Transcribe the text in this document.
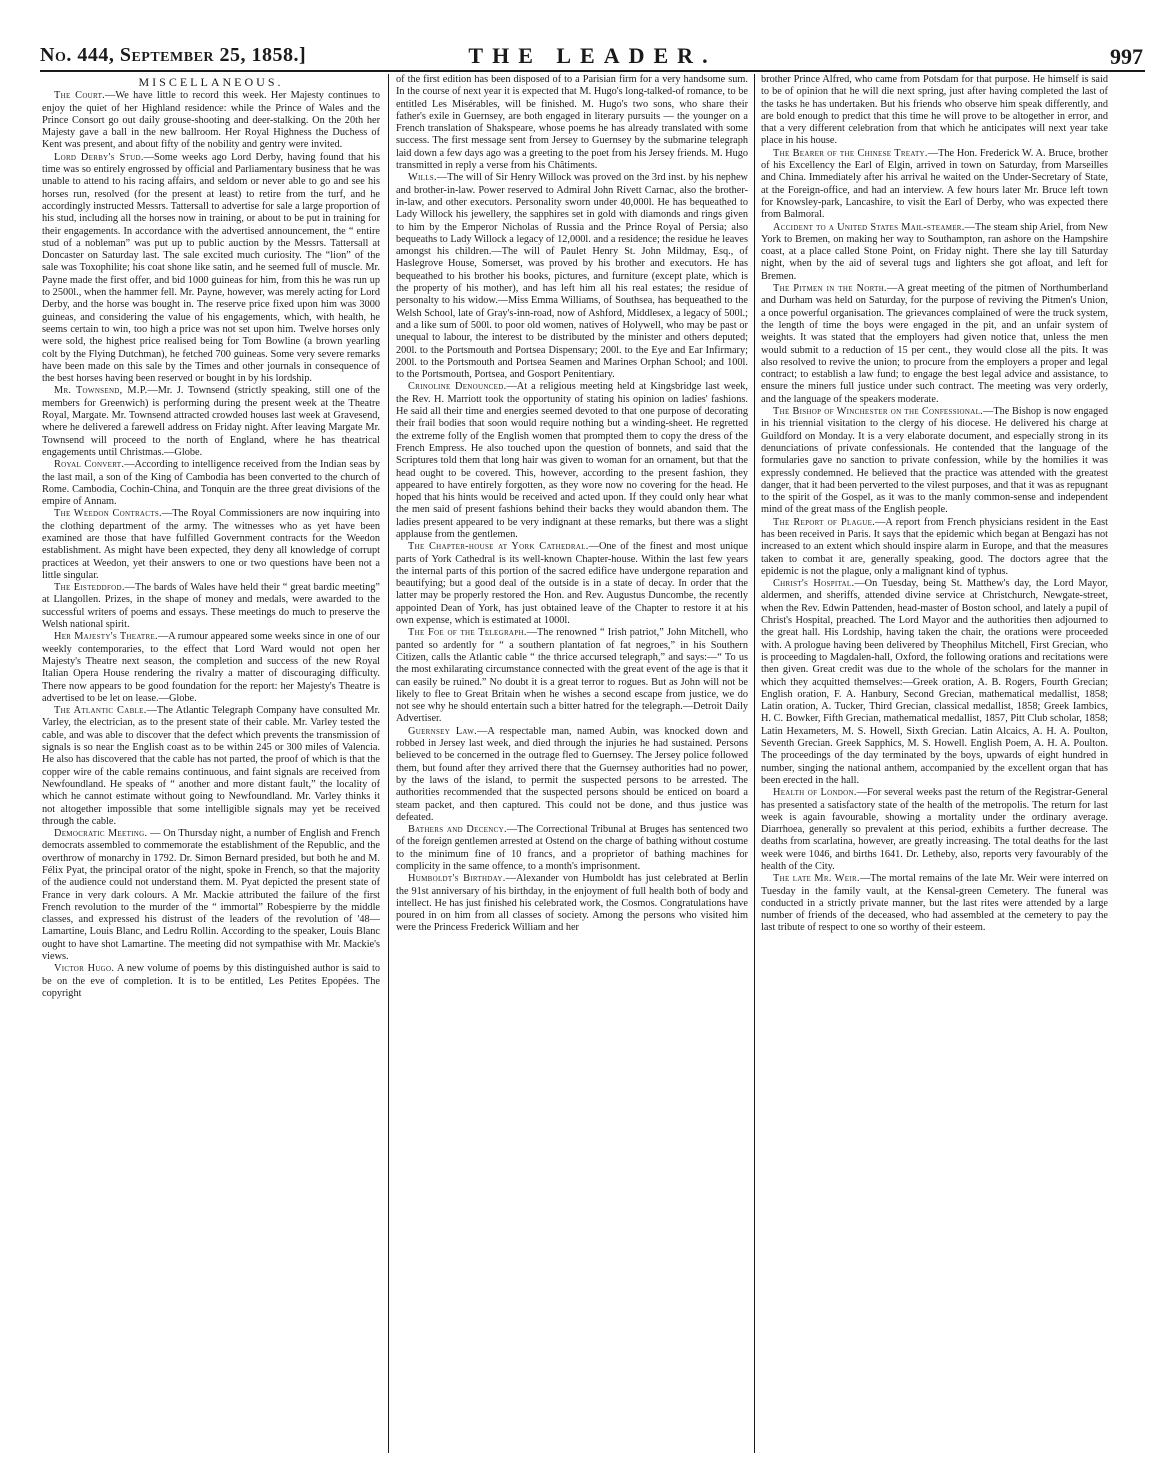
No. 444, September 25, 1858.]	THE LEADER.	997
MISCELLANEOUS.

The Court.—We have little to record this week. Her Majesty continues to enjoy the quiet of her Highland residence: while the Prince of Wales and the Prince Consort go out daily grouse-shooting and deer-stalking. On the 20th her Majesty gave a ball in the new ballroom. Her Royal Highness the Duchess of Kent was present, and about fifty of the nobility and gentry were invited.

Lord Derby's Stud.—Some weeks ago Lord Derby, having found that his time was so entirely engrossed by official and Parliamentary business that he was unable to attend to his racing affairs, and seldom or never able to go and see his horses run, resolved (for the present at least) to retire from the turf, and he accordingly instructed Messrs. Tattersall to advertise for sale a large proportion of his stud, including all the horses now in training, or about to be put in training for their engagements. In accordance with the advertised announcement, the “ entire stud of a nobleman” was put up to public auction by the Messrs. Tattersall at Doncaster on Saturday last. The sale excited much curiosity. The “lion” of the sale was Toxophilite; his coat shone like satin, and he seemed full of muscle. Mr. Payne made the first offer, and bid 1000 guineas for him, from this he was run up to 2500l., when the hammer fell. Mr. Payne, however, was merely acting for Lord Derby, and the horse was bought in. The reserve price fixed upon him was 3000 guineas, and considering the value of his engagements, which, with health, he seems certain to win, too high a price was not set upon him. Twelve horses only were sold, the highest price realised being for Tom Bowline (a brown yearling colt by the Flying Dutchman), he fetched 700 guineas. Some very severe remarks have been made on this sale by the Times and other journals in consequence of the best horses having been reserved or bought in by his lordship.

Mr. Townsend, M.P.—Mr. J. Townsend (strictly speaking, still one of the members for Greenwich) is performing during the present week at the Theatre Royal, Margate. Mr. Townsend attracted crowded houses last week at Gravesend, where he delivered a farewell address on Friday night. After leaving Margate Mr. Townsend will proceed to the north of England, where he has theatrical engagements until Christmas.—Globe.

Royal Convert.—According to intelligence received from the Indian seas by the last mail, a son of the King of Cambodia has been converted to the church of Rome. Cambodia, Cochin-China, and Tonquin are the three great divisions of the empire of Annam.

The Weedon Contracts.—The Royal Commissioners are now inquiring into the clothing department of the army. The witnesses who as yet have been examined are those that have fulfilled Government contracts for the Weedon establishment. As might have been expected, they deny all knowledge of corrupt practices at Weedon, yet their answers to one or two questions have been not a little singular.

The Eisteddfod.—The bards of Wales have held their “ great bardic meeting” at Llangollen. Prizes, in the shape of money and medals, were awarded to the successful writers of poems and essays. These meetings do much to preserve the Welsh national spirit.

Her Majesty's Theatre.—A rumour appeared some weeks since in one of our weekly contemporaries, to the effect that Lord Ward would not open her Majesty's Theatre next season, the completion and success of the new Royal Italian Opera House rendering the rivalry a matter of discouraging difficulty. There now appears to be good foundation for the report: her Majesty's Theatre is advertised to be let on lease.—Globe.

The Atlantic Cable.—The Atlantic Telegraph Company have consulted Mr. Varley, the electrician, as to the present state of their cable. Mr. Varley tested the cable, and was able to discover that the defect which prevents the transmission of signals is so near the English coast as to be within 245 or 300 miles of Valencia. He also has discovered that the cable has not parted, the proof of which is that the copper wire of the cable remains continuous, and faint signals are received from Newfoundland. He speaks of “ another and more distant fault,” the locality of which he cannot estimate without going to Newfoundland. Mr. Varley thinks it not altogether impossible that some intelligible signals may yet be received through the cable.

Democratic Meeting. — On Thursday night, a number of English and French democrats assembled to commemorate the establishment of the Republic, and the overthrow of monarchy in 1792. Dr. Simon Bernard presided, but both he and M. Félix Pyat, the principal orator of the night, spoke in French, so that the majority of the audience could not understand them. M. Pyat depicted the present state of France in very dark colours. A Mr. Mackie attributed the failure of the first French revolution to the murder of the “ immortal” Robespierre by the middle classes, and expressed his distrust of the leaders of the revolution of '48—Lamartine, Louis Blanc, and Ledru Rollin. According to the speaker, Louis Blanc ought to have shot Lamartine. The meeting did not sympathise with Mr. Mackie's views.

Victor Hugo. A new volume of poems by this distinguished author is said to be on the eve of completion. It is to be entitled, Les Petites Epopées. The copyright

of the first edition has been disposed of to a Parisian firm for a very handsome sum. In the course of next year it is expected that M. Hugo's long-talked-of romance, to be entitled Les Misérables, will be finished. M. Hugo's two sons, who share their father's exile in Guernsey, are both engaged in literary pursuits — the younger on a French translation of Shakspeare, whose poems he has already translated with some success. The first message sent from Jersey to Guernsey by the submarine telegraph laid down a few days ago was a greeting to the poet from his Jersey friends. M. Hugo transmitted in reply a verse from his Châtiments.

Wills.—The will of Sir Henry Willock was proved on the 3rd inst. by his nephew and brother-in-law. Power reserved to Admiral John Rivett Carnac, also the brother-in-law, and other executors. Personality sworn under 40,000l. He has bequeathed to Lady Willock his jewellery, the sapphires set in gold with diamonds and rings given to him by the Emperor Nicholas of Russia and the Prince Royal of Persia; also bequeaths to Lady Willock a legacy of 12,000l. and a residence; the residue he leaves amongst his children.—The will of Paulet Henry St. John Mildmay, Esq., of Haslegrove House, Somerset, was proved by his brother and executors. He has bequeathed to his brother his books, pictures, and furniture (except plate, which is the property of his mother), and has left him all his real estates; the residue of personalty to his widow.—Miss Emma Williams, of Southsea, has bequeathed to the Welsh School, late of Gray's-inn-road, now of Ashford, Middlesex, a legacy of 500l.; and a like sum of 500l. to poor old women, natives of Holywell, who may be past or unequal to labour, the interest to be distributed by the minister and others deputed; 200l. to the Portsmouth and Portsea Dispensary; 200l. to the Eye and Ear Infirmary; 200l. to the Portsmouth and Portsea Seamen and Marines Orphan School; and 100l. to the Portsmouth, Portsea, and Gosport Penitentiary.

Crinoline Denounced.—At a religious meeting held at Kingsbridge last week, the Rev. H. Marriott took the opportunity of stating his opinion on ladies' fashions. He said all their time and energies seemed devoted to that one purpose of decorating their frail bodies that soon would require nothing but a winding-sheet. He regretted the extreme folly of the English women that prompted them to copy the dress of the French Empress. He also touched upon the question of bonnets, and said that the Scriptures told them that long hair was given to woman for an ornament, but that the head ought to be covered. This, however, according to the present fashion, they appeared to have entirely forgotten, as they wore now no covering for the head. He hoped that his hints would be received and acted upon. If they could only hear what the men said of present fashions behind their backs they would abandon them. The ladies present appeared to be very indignant at these remarks, but there was a slight applause from the gentlemen.

The Chapter-house at York Cathedral.—One of the finest and most unique parts of York Cathedral is its well-known Chapter-house. Within the last few years the internal parts of this portion of the sacred edifice have undergone reparation and beautifying; but a good deal of the outside is in a state of decay. In order that the latter may be properly restored the Hon. and Rev. Augustus Duncombe, the recently appointed Dean of York, has just obtained leave of the Chapter to restore it at his own expense, which is estimated at 1000l.

The Foe of the Telegraph.—The renowned “ Irish patriot,” John Mitchell, who panted so ardently for “ a southern plantation of fat negroes,” in his Southern Citizen, calls the Atlantic cable “ the thrice accursed telegraph,” and says:—“ To us the most exhilarating circumstance connected with the great event of the age is that it can easily be ruined.” No doubt it is a great terror to rogues. But as John will not be likely to flee to Great Britain when he wishes a second escape from justice, we do not see why he should entertain such a bitter hatred for the telegraph.—Detroit Daily Advertiser.

Guernsey Law.—A respectable man, named Aubin, was knocked down and robbed in Jersey last week, and died through the injuries he had sustained. Persons believed to be concerned in the outrage fled to Guernsey. The Jersey police followed them, but found after they arrived there that the Guernsey authorities had no power, by the laws of the island, to permit the suspected persons to be arrested. The authorities recommended that the suspected persons should be enticed on board a steam packet, and then captured. This could not be done, and thus justice was defeated.

Bathers and Decency.—The Correctional Tribunal at Bruges has sentenced two of the foreign gentlemen arrested at Ostend on the charge of bathing without costume to the minimum fine of 10 francs, and a proprietor of bathing machines for complicity in the same offence, to a month's imprisonment.

Humboldt's Birthday.—Alexander von Humboldt has just celebrated at Berlin the 91st anniversary of his birthday, in the enjoyment of full health both of body and intellect. He has just finished his celebrated work, the Cosmos. Congratulations have poured in on him from all classes of society. Among the persons who visited him were the Princess Frederick William and her

brother Prince Alfred, who came from Potsdam for that purpose. He himself is said to be of opinion that he will die next spring, just after having completed the last of the tasks he has undertaken. But his friends who observe him speak differently, and are bold enough to predict that this time he will prove to be altogether in error, and that a very different celebration from that which he anticipates will next year take place in his house.

The Bearer of the Chinese Treaty.—The Hon. Frederick W. A. Bruce, brother of his Excellency the Earl of Elgin, arrived in town on Saturday, from Marseilles and China. Immediately after his arrival he waited on the Under-Secretary of State, at the Foreign-office, and had an interview. A few hours later Mr. Bruce left town for Knowsley-park, Lancashire, to visit the Earl of Derby, who was expected there from Balmoral.

Accident to a United States Mail-steamer.—The steam ship Ariel, from New York to Bremen, on making her way to Southampton, ran ashore on the Hampshire coast, at a place called Stone Point, on Friday night. There she lay till Saturday night, when by the aid of several tugs and lighters she got afloat, and left for Bremen.

The Pitmen in the North.—A great meeting of the pitmen of Northumberland and Durham was held on Saturday, for the purpose of reviving the Pitmen's Union, a once powerful organisation. The grievances complained of were the truck system, the length of time the boys were engaged in the pit, and an unfair system of weights. It was stated that the employers had given notice that, unless the men would submit to a reduction of 15 per cent., they would close all the pits. It was also resolved to revive the union; to procure from the employers a proper and legal contract; to establish a law fund; to engage the best legal advice and assistance, to ensure the miners full justice under such contract. The meeting was very orderly, and the language of the speakers moderate.

The Bishop of Winchester on the Confessional.—The Bishop is now engaged in his triennial visitation to the clergy of his diocese. He delivered his charge at Guildford on Monday. It is a very elaborate document, and especially strong in its denunciations of private confessionals. He contended that the language of the formularies gave no sanction to private confession, while by the homilies it was expressly condemned. He believed that the practice was attended with the greatest danger, that it had been perverted to the vilest purposes, and that it was as repugnant to the spirit of the Gospel, as it was to the manly common-sense and independent mind of the great mass of the English people.

The Report of Plague.—A report from French physicians resident in the East has been received in Paris. It says that the epidemic which began at Bengazi has not increased to an extent which should inspire alarm in Europe, and that the measures taken to combat it are, generally speaking, good. The doctors agree that the epidemic is not the plague, only a malignant kind of typhus.

Christ's Hospital.—On Tuesday, being St. Matthew's day, the Lord Mayor, aldermen, and sheriffs, attended divine service at Christchurch, Newgate-street, when the Rev. Edwin Pattenden, head-master of Boston school, and lately a pupil of Christ's Hospital, preached. The Lord Mayor and the authorities then adjourned to the great hall. His Lordship, having taken the chair, the orations were proceeded with. A prologue having been delivered by Theophilus Mitchell, First Grecian, who is proceeding to Magdalen-hall, Oxford, the following orations and recitations were then given. Great credit was due to the whole of the scholars for the manner in which they acquitted themselves:—Greek oration, A. B. Rogers, Fourth Grecian; English oration, F. A. Hanbury, Second Grecian, mathematical medallist, 1858; Latin oration, A. Tucker, Third Grecian, classical medallist, 1858; Greek Iambics, H. C. Bowker, Fifth Grecian, mathematical medallist, 1857, Pitt Club scholar, 1858; Latin Hexameters, M. S. Howell, Sixth Grecian. Latin Alcaics, A. H. A. Poulton, Seventh Grecian. Greek Sapphics, M. S. Howell. English Poem, A. H. A. Poulton. The proceedings of the day terminated by the boys, upwards of eight hundred in number, singing the national anthem, accompanied by the excellent organ that has been erected in the hall.

Health of London.—For several weeks past the return of the Registrar-General has presented a satisfactory state of the health of the metropolis. The return for last week is again favourable, showing a mortality under the ordinary average. Diarrhoea, generally so prevalent at this period, exhibits a further decrease. The deaths from scarlatina, however, are greatly increasing. The total deaths for the last week were 1046, and births 1641. Dr. Letheby, also, reports very favourably of the health of the City.

The late Mr. Weir.—The mortal remains of the late Mr. Weir were interred on Tuesday in the family vault, at the Kensal-green Cemetery. The funeral was conducted in a strictly private manner, but the last rites were attended by a large number of friends of the deceased, who had assembled at the cemetery to pay the last tribute of respect to one so worthy of their esteem.
